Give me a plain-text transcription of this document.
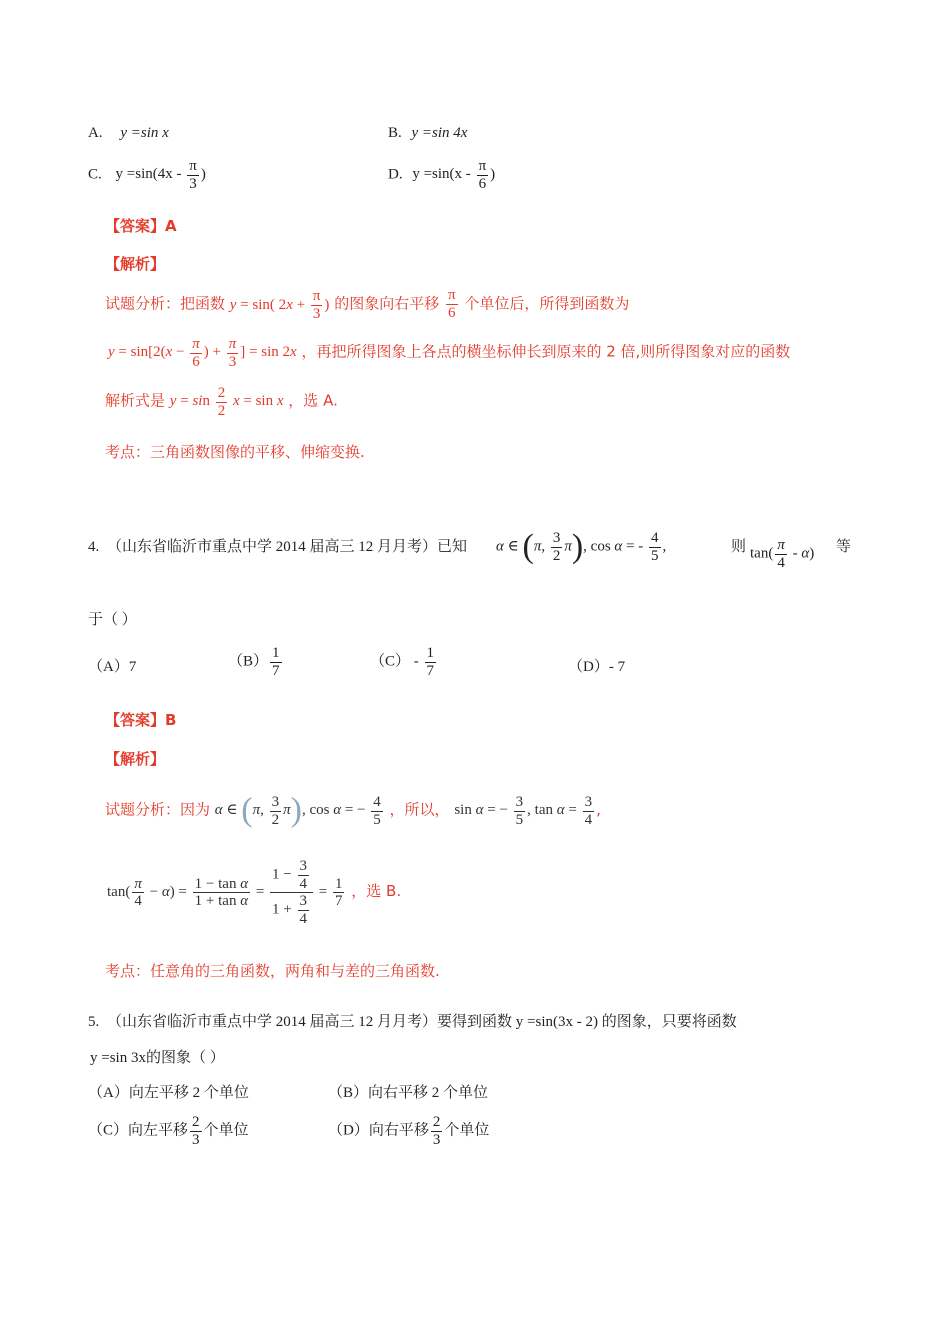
A. y =sin x	B. y =sin 4x
C. $y =\sin(4x - \frac{\pi}{3}$ )	D. $y =\sin(x - \frac{\pi}{6}$ )
【答案】A
【解析】
试题分析：把函数 y = sin( $2x + \frac{\pi}{3}$ ) 的图象向右平移 $\frac{\pi}{6}$ 个单位后，所得到函数为
$y = \sin[2(x - \frac{\pi}{6}$ ) + $\frac{\pi}{3}$ ] = sin 2x ，再把所得图象上各点的横坐标伸长到原来的 2 倍,则所得图象对应的函数
解析式是 $y = \sin \frac{2}{2}$ x = sin x ，选 A.
考点：三角函数图像的平移、伸缩变换.
4. （山东省临沂市重点中学 2014 届高三 12 月月考）已知 α ∈ (π, $\frac{3}{2} \pi$), cos α = - $\frac{4}{5}$ ,	则 $\tan( \frac{\pi}{4} - \alpha)$ 等
于（ ）
（A）7	$(B) \frac{1}{7}$	$(C) - \frac{1}{7}$	（D）- 7
【答案】B
【解析】
试题分析：因为 α ∈ (π, $\frac{3}{2} \pi$), cos α = − $\frac{4}{5}$ ，所以， sin α = − $\frac{3}{5}$ , $\tan \alpha = \frac{3}{4}$ ,
$\tan( \frac{\pi}{4} - \alpha) = \frac{\text{1 − tan α}}{\text{1 + tan α}} = \frac{1 - \frac{3}{4}}{1 + \frac{3}{4}} = \frac{1}{7}$ ，选 B.
考点：任意角的三角函数，两角和与差的三角函数.
5. （山东省临沂市重点中学 2014 届高三 12 月月考）要得到函数 y =sin(3x - 2) 的图象，只要将函数
y =sin 3x的图象（ ）
（A）向左平移 2 个单位	（B）向右平移 2 个单位
（C）向左平移 $\frac{2}{3}$ 个单位	（D）向右平移 $\frac{2}{3}$ 个单位
